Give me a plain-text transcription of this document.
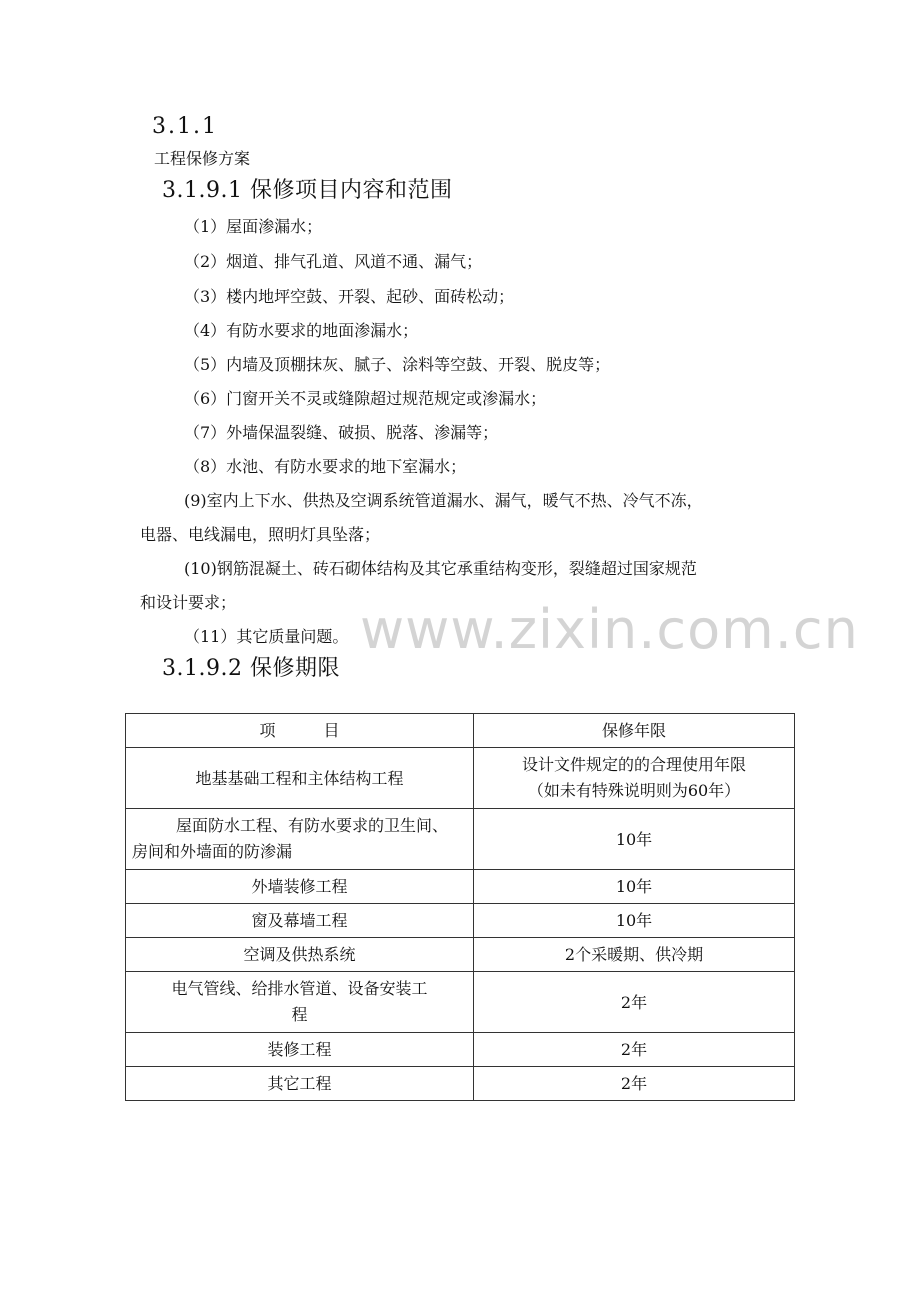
3.1.1
工程保修方案
3.1.9.1 保修项目内容和范围
（1）屋面渗漏水；
（2）烟道、排气孔道、风道不通、漏气；
（3）楼内地坪空鼓、开裂、起砂、面砖松动；
（4）有防水要求的地面渗漏水；
（5）内墙及顶棚抹灰、腻子、涂料等空鼓、开裂、脱皮等；
（6）门窗开关不灵或缝隙超过规范规定或渗漏水；
（7）外墙保温裂缝、破损、脱落、渗漏等；
（8）水池、有防水要求的地下室漏水；
(9)室内上下水、供热及空调系统管道漏水、漏气，暖气不热、冷气不冻，
电器、电线漏电，照明灯具坠落；
(10)钢筋混凝土、砖石砌体结构及其它承重结构变形，裂缝超过国家规范
和设计要求；
（11）其它质量问题。 www.zixin.com.cn
3.1.9.2 保修期限
项　　　目	保修年限
地基基础工程和主体结构工程	设计文件规定的的合理使用年限
（如未有特殊说明则为60年）

屋面防水工程、有防水要求的卫生间、
房间和外墙面的防渗漏	10年
外墙装修工程	10年
窗及幕墙工程	10年
空调及供热系统	2个采暖期、供冷期

电气管线、给排水管道、设备安装工
程	2年
装修工程	2年
其它工程	2年
